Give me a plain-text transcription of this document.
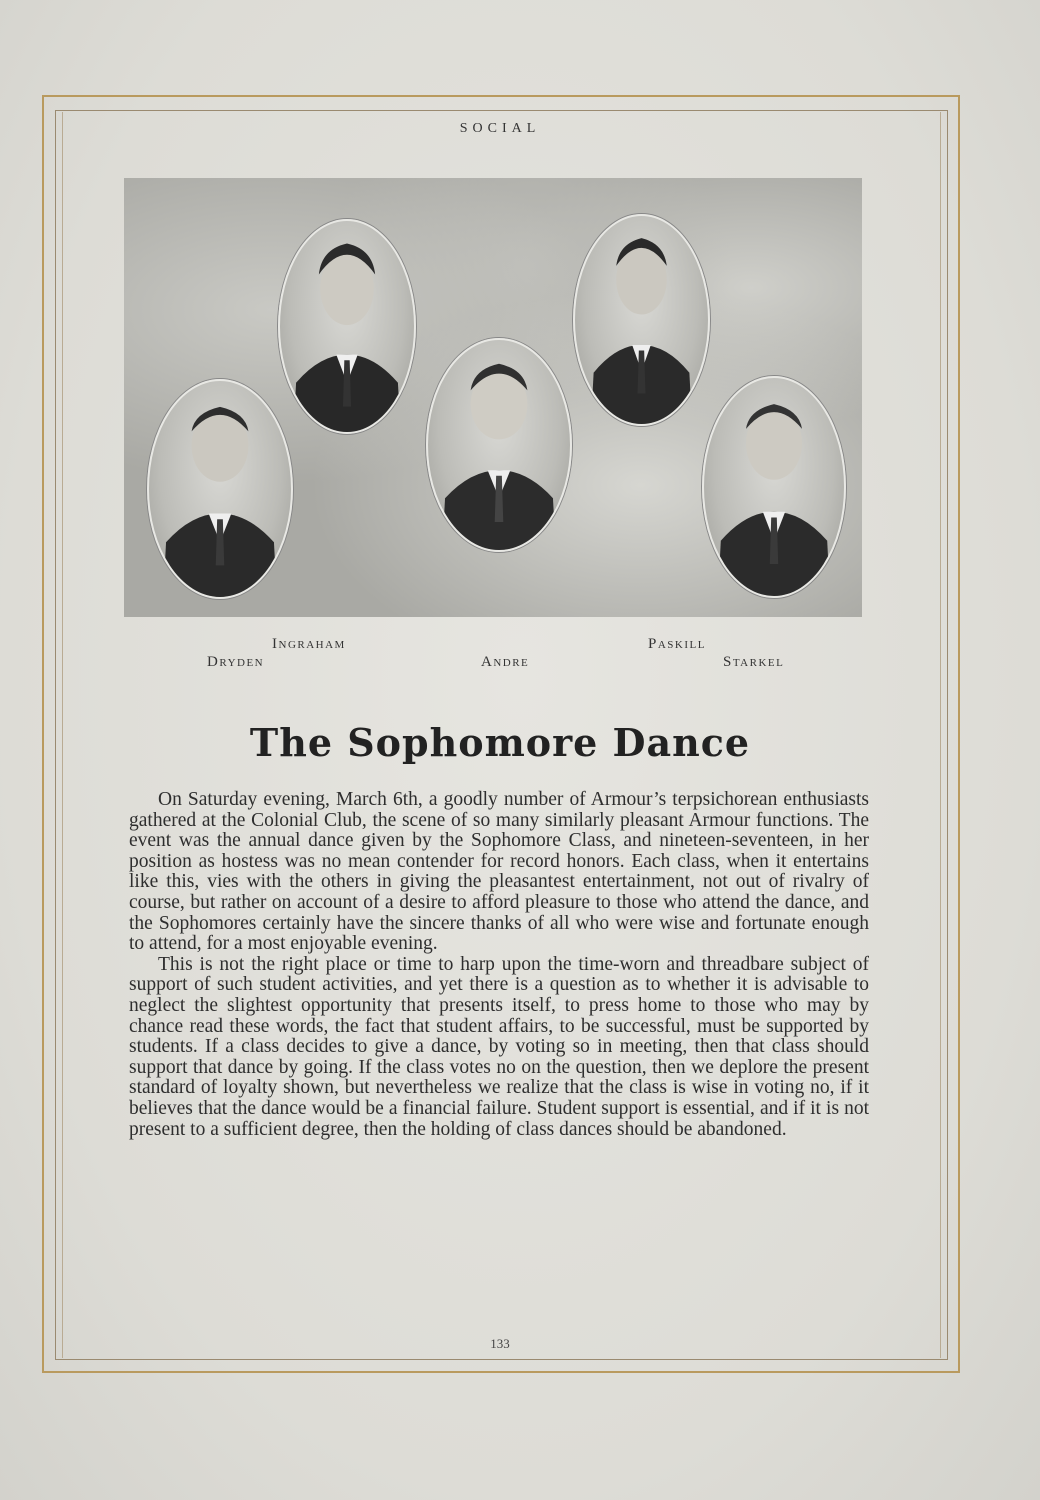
SOCIAL
Ingraham	Paskill
Dryden	Andre	Starkel
The Sophomore Dance

On Saturday evening, March 6th, a goodly number of Armour’s terpsichorean enthusiasts gathered at the Colonial Club, the scene of so many similarly pleasant Armour functions. The event was the annual dance given by the Sophomore Class, and nineteen-seventeen, in her position as hostess was no mean contender for record honors. Each class, when it entertains like this, vies with the others in giving the pleasantest entertainment, not out of rivalry of course, but rather on account of a desire to afford pleasure to those who attend the dance, and the Sophomores certainly have the sincere thanks of all who were wise and fortunate enough to attend, for a most enjoyable evening.

This is not the right place or time to harp upon the time-worn and threadbare subject of support of such student activities, and yet there is a question as to whether it is advisable to neglect the slightest opportunity that presents itself, to press home to those who may by chance read these words, the fact that student affairs, to be successful, must be supported by students. If a class decides to give a dance, by voting so in meeting, then that class should support that dance by going. If the class votes no on the question, then we deplore the present standard of loyalty shown, but nevertheless we realize that the class is wise in voting no, if it believes that the dance would be a financial failure. Student support is essential, and if it is not present to a sufficient degree, then the holding of class dances should be abandoned.

133
